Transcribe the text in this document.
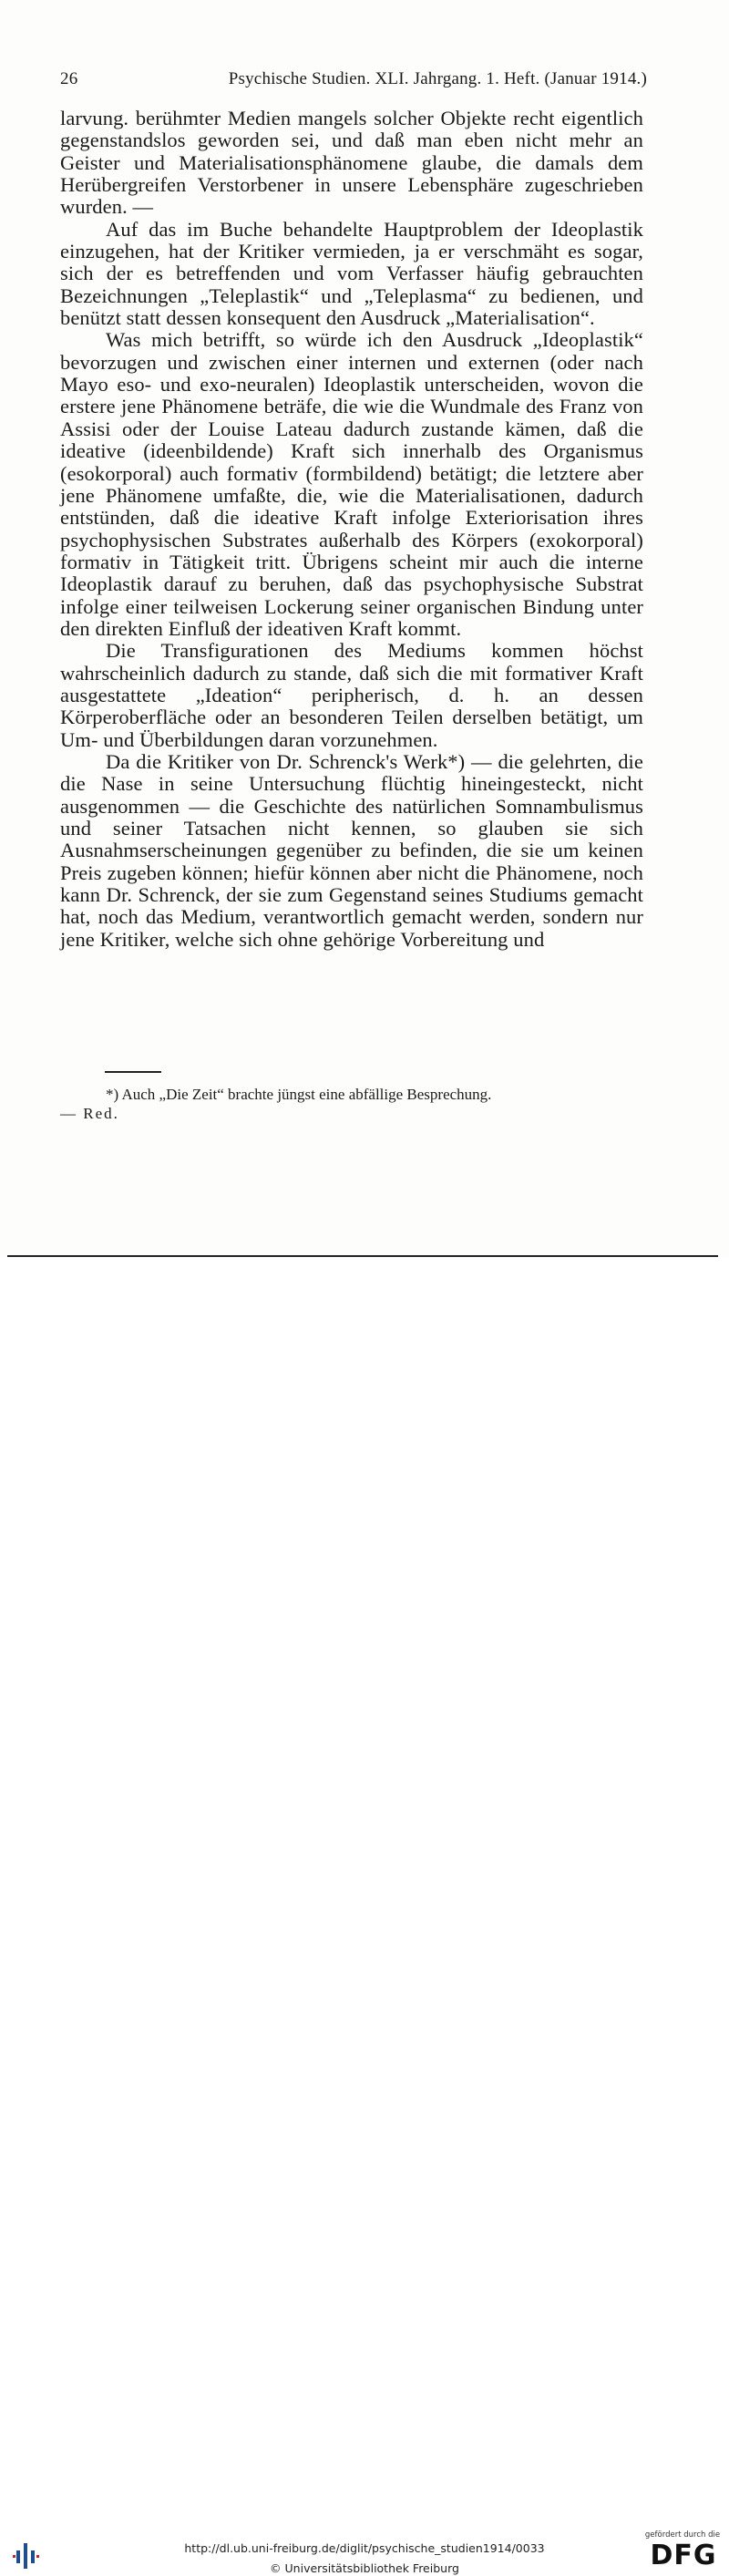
26	Psychische Studien. XLI. Jahrgang. 1. Heft. (Januar 1914.)

larvung. berühmter Medien mangels solcher Objekte recht eigentlich gegenstandslos geworden sei, und daß man eben nicht mehr an Geister und Materialisationsphänomene glaube, die damals dem Herübergreifen Verstorbener in unsere Lebensphäre zugeschrieben wurden. —

Auf das im Buche behandelte Hauptproblem der Ideoplastik einzugehen, hat der Kritiker vermieden, ja er verschmäht es sogar, sich der es betreffenden und vom Verfasser häufig gebrauchten Bezeichnungen „Teleplastik“ und „Teleplasma“ zu bedienen, und benützt statt dessen konsequent den Ausdruck „Materialisation“.

Was mich betrifft, so würde ich den Ausdruck „Ideoplastik“ bevorzugen und zwischen einer internen und externen (oder nach Mayo eso- und exo-neuralen) Ideoplastik unterscheiden, wovon die erstere jene Phänomene beträfe, die wie die Wundmale des Franz von Assisi oder der Louise Lateau dadurch zustande kämen, daß die ideative (ideenbildende) Kraft sich innerhalb des Organismus (esokorporal) auch formativ (formbildend) betätigt; die letztere aber jene Phänomene umfaßte, die, wie die Materialisationen, dadurch entstünden, daß die ideative Kraft infolge Exteriorisation ihres psychophysischen Substrates außerhalb des Körpers (exokorporal) formativ in Tätigkeit tritt. Übrigens scheint mir auch die interne Ideoplastik darauf zu beruhen, daß das psychophysische Substrat infolge einer teilweisen Lockerung seiner organischen Bindung unter den direkten Einfluß der ideativen Kraft kommt.

Die Transfigurationen des Mediums kommen höchst wahrscheinlich dadurch zu stande, daß sich die mit formativer Kraft ausgestattete „Ideation“ peripherisch, d. h. an dessen Körperoberfläche oder an besonderen Teilen derselben betätigt, um Um- und Überbildungen daran vorzunehmen.

Da die Kritiker von Dr. Schrenck's Werk*) — die gelehrten, die die Nase in seine Untersuchung flüchtig hineingesteckt, nicht ausgenommen — die Geschichte des natürlichen Somnambulismus und seiner Tatsachen nicht kennen, so glauben sie sich Ausnahmserscheinungen gegenüber zu befinden, die sie um keinen Preis zugeben können; hiefür können aber nicht die Phänomene, noch kann Dr. Schrenck, der sie zum Gegenstand seines Studiums gemacht hat, noch das Medium, verantwortlich gemacht werden, sondern nur jene Kritiker, welche sich ohne gehörige Vorbereitung und

*) Auch „Die Zeit“ brachte jüngst eine abfällige Besprechung.
— Red.
http://dl.ub.uni-freiburg.de/diglit/psychische_studien1914/0033
© Universitätsbibliothek Freiburg
gefördert durch die
DFG
